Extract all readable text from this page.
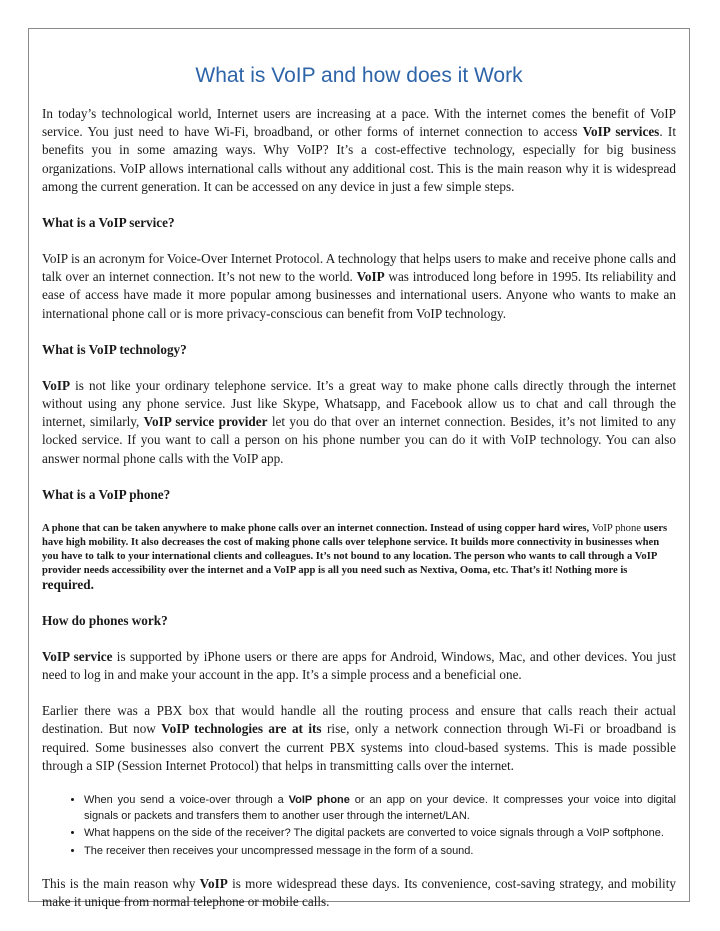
What is VoIP and how does it Work

In today’s technological world, Internet users are increasing at a pace. With the internet comes the benefit of VoIP service. You just need to have Wi-Fi, broadband, or other forms of internet connection to access VoIP services. It benefits you in some amazing ways. Why VoIP? It’s a cost-effective technology, especially for big business organizations. VoIP allows international calls without any additional cost. This is the main reason why it is widespread among the current generation. It can be accessed on any device in just a few simple steps.

What is a VoIP service?

VoIP is an acronym for Voice-Over Internet Protocol. A technology that helps users to make and receive phone calls and talk over an internet connection. It’s not new to the world. VoIP was introduced long before in 1995. Its reliability and ease of access have made it more popular among businesses and international users. Anyone who wants to make an international phone call or is more privacy-conscious can benefit from VoIP technology.

What is VoIP technology?

VoIP is not like your ordinary telephone service. It’s a great way to make phone calls directly through the internet without using any phone service. Just like Skype, Whatsapp, and Facebook allow us to chat and call through the internet, similarly, VoIP service provider let you do that over an internet connection. Besides, it’s not limited to any locked service. If you want to call a person on his phone number you can do it with VoIP technology. You can also answer normal phone calls with the VoIP app.

What is a VoIP phone?

A phone that can be taken anywhere to make phone calls over an internet connection. Instead of using copper hard wires, VoIP phone users have high mobility. It also decreases the cost of making phone calls over telephone service. It builds more connectivity in businesses when you have to talk to your international clients and colleagues. It’s not bound to any location. The person who wants to call through a VoIP provider needs accessibility over the internet and a VoIP app is all you need such as Nextiva, Ooma, etc. That’s it! Nothing more is required.

How do phones work?

VoIP service is supported by iPhone users or there are apps for Android, Windows, Mac, and other devices. You just need to log in and make your account in the app. It’s a simple process and a beneficial one.

Earlier there was a PBX box that would handle all the routing process and ensure that calls reach their actual destination. But now VoIP technologies are at its rise, only a network connection through Wi-Fi or broadband is required. Some businesses also convert the current PBX systems into cloud-based systems. This is made possible through a SIP (Session Internet Protocol) that helps in transmitting calls over the internet.

• When you send a voice-over through a VoIP phone or an app on your device. It compresses your voice into digital signals or packets and transfers them to another user through the internet/LAN.
• What happens on the side of the receiver? The digital packets are converted to voice signals through a VoIP softphone.
• The receiver then receives your uncompressed message in the form of a sound.

This is the main reason why VoIP is more widespread these days. Its convenience, cost-saving strategy, and mobility make it unique from normal telephone or mobile calls.
